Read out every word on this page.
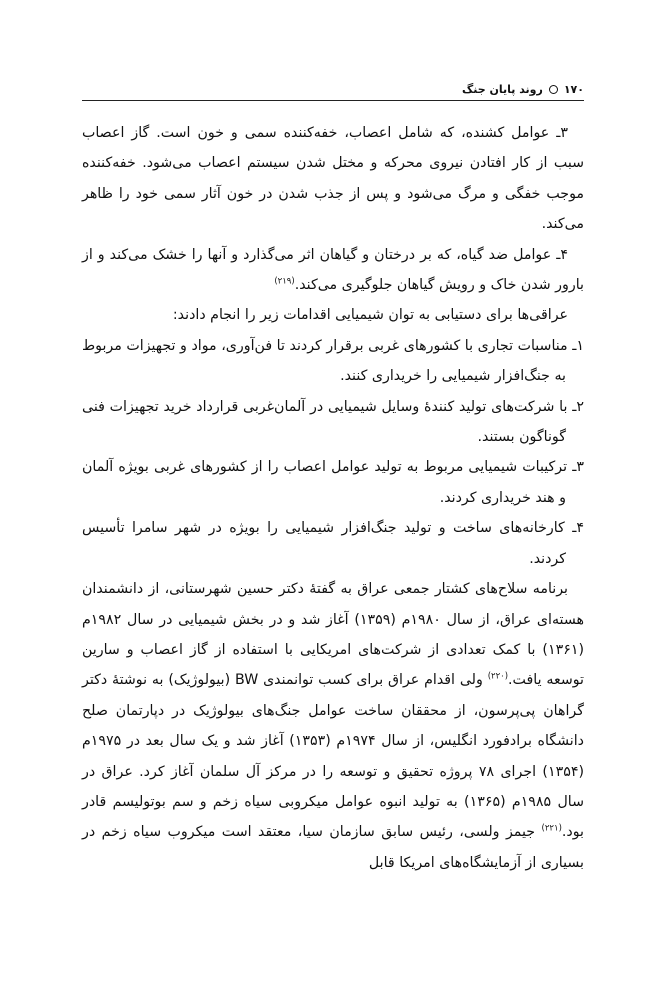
۱۷۰
روند پایان جنگ

۳ـ عوامل کشنده، که شامل اعصاب، خفه‌کننده سمی و خون است. گاز اعصاب سبب از کار افتادن نیروی محرکه و مختل شدن سیستم اعصاب می‌شود. خفه‌کننده موجب خفگی و مرگ می‌شود و پس از جذب شدن در خون آثار سمی خود را ظاهر می‌کند.

۴ـ عوامل ضد گیاه، که بر درختان و گیاهان اثر می‌گذارد و آنها را خشک می‌کند و از بارور شدن خاک و رویش گیاهان جلوگیری می‌کند.$^{(۲۱۹)}$

عراقی‌ها برای دستیابی به توان شیمیایی اقدامات زیر را انجام دادند:

۱ـ مناسبات تجاری با کشورهای غربی برقرار کردند تا فن‌آوری، مواد و تجهیزات مربوط به جنگ‌افزار شیمیایی را خریداری کنند.

۲ـ با شرکت‌های تولید کنندهٔ وسایل شیمیایی در آلمان‌غربی قرارداد خرید تجهیزات فنی گوناگون بستند.

۳ـ ترکیبات شیمیایی مربوط به تولید عوامل اعصاب را از کشورهای غربی بویژه آلمان و هند خریداری کردند.

۴ـ کارخانه‌های ساخت و تولید جنگ‌افزار شیمیایی را بویژه در شهر سامرا تأسیس کردند.

برنامه سلاح‌های کشتار جمعی عراق به گفتهٔ دکتر حسین شهرستانی، از دانشمندان هسته‌ای عراق، از سال ۱۹۸۰م (۱۳۵۹) آغاز شد و در بخش شیمیایی در سال ۱۹۸۲م (۱۳۶۱) با کمک تعدادی از شرکت‌های امریکایی با استفاده از گاز اعصاب و سارین توسعه یافت.$^{(۲۲۰)}$ ولی اقدام عراق برای کسب توانمندی BW (بیولوژیک) به نوشتهٔ دکتر گراهان پی‌پرسون، از محققان ساخت عوامل جنگ‌های بیولوژیک در دپارتمان صلح دانشگاه برادفورد انگلیس، از سال ۱۹۷۴م (۱۳۵۳) آغاز شد و یک سال بعد در ۱۹۷۵م (۱۳۵۴) اجرای ۷۸ پروژه تحقیق و توسعه را در مرکز آل سلمان آغاز کرد. عراق در سال ۱۹۸۵م (۱۳۶۵) به تولید انبوه عوامل میکروبی سیاه زخم و سم بوتولیسم قادر بود.$^{(۲۲۱)}$ جیمز ولسی، رئیس سابق سازمان سیا، معتقد است میکروب سیاه زخم در بسیاری از آزمایشگاه‌های امریکا قابل
